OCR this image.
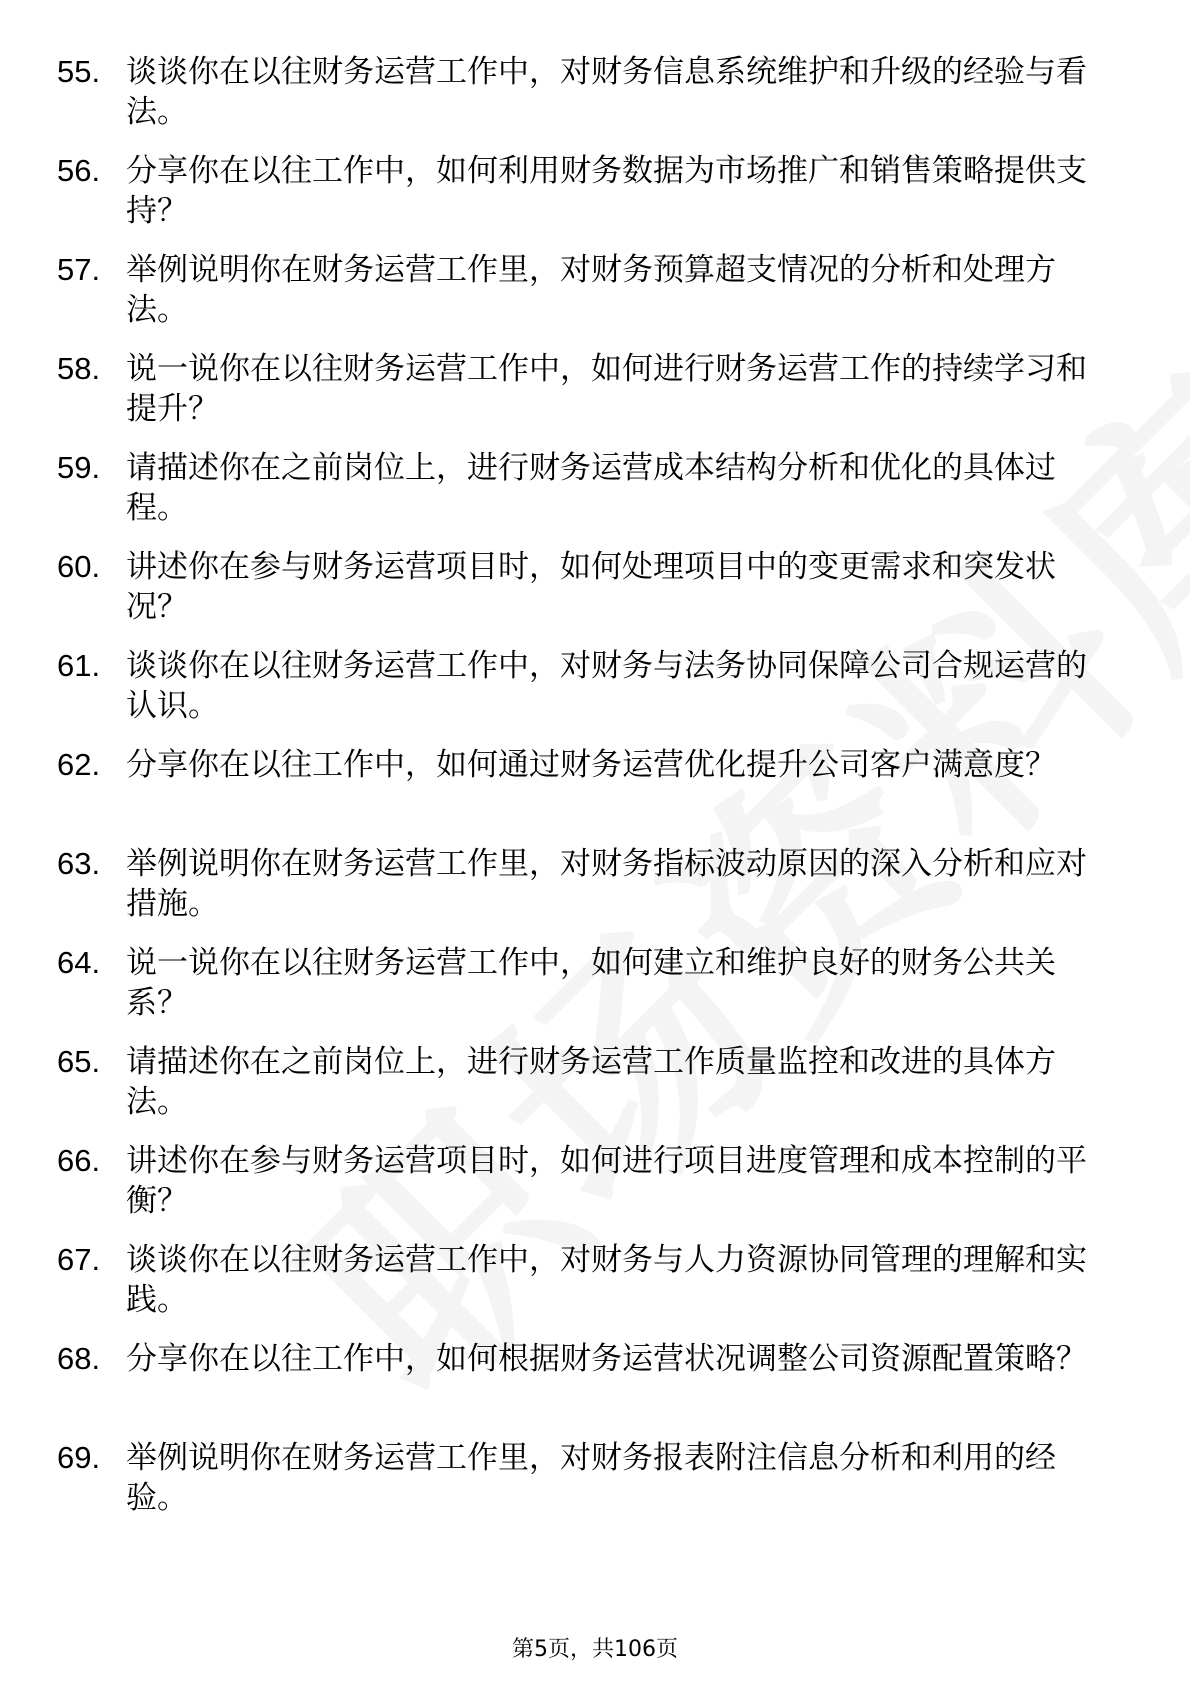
55. 谈谈你在以往财务运营工作中，对财务信息系统维护和升级的经验与看法。
56. 分享你在以往工作中，如何利用财务数据为市场推广和销售策略提供支持？
57. 举例说明你在财务运营工作里，对财务预算超支情况的分析和处理方法。
58. 说一说你在以往财务运营工作中，如何进行财务运营工作的持续学习和提升？
59. 请描述你在之前岗位上，进行财务运营成本结构分析和优化的具体过程。
60. 讲述你在参与财务运营项目时，如何处理项目中的变更需求和突发状况？
61. 谈谈你在以往财务运营工作中，对财务与法务协同保障公司合规运营的认识。
62. 分享你在以往工作中，如何通过财务运营优化提升公司客户满意度？
63. 举例说明你在财务运营工作里，对财务指标波动原因的深入分析和应对措施。
64. 说一说你在以往财务运营工作中，如何建立和维护良好的财务公共关系？
65. 请描述你在之前岗位上，进行财务运营工作质量监控和改进的具体方法。
66. 讲述你在参与财务运营项目时，如何进行项目进度管理和成本控制的平衡？
67. 谈谈你在以往财务运营工作中，对财务与人力资源协同管理的理解和实践。
68. 分享你在以往工作中，如何根据财务运营状况调整公司资源配置策略？
69. 举例说明你在财务运营工作里，对财务报表附注信息分析和利用的经验。
第5页，共106页
